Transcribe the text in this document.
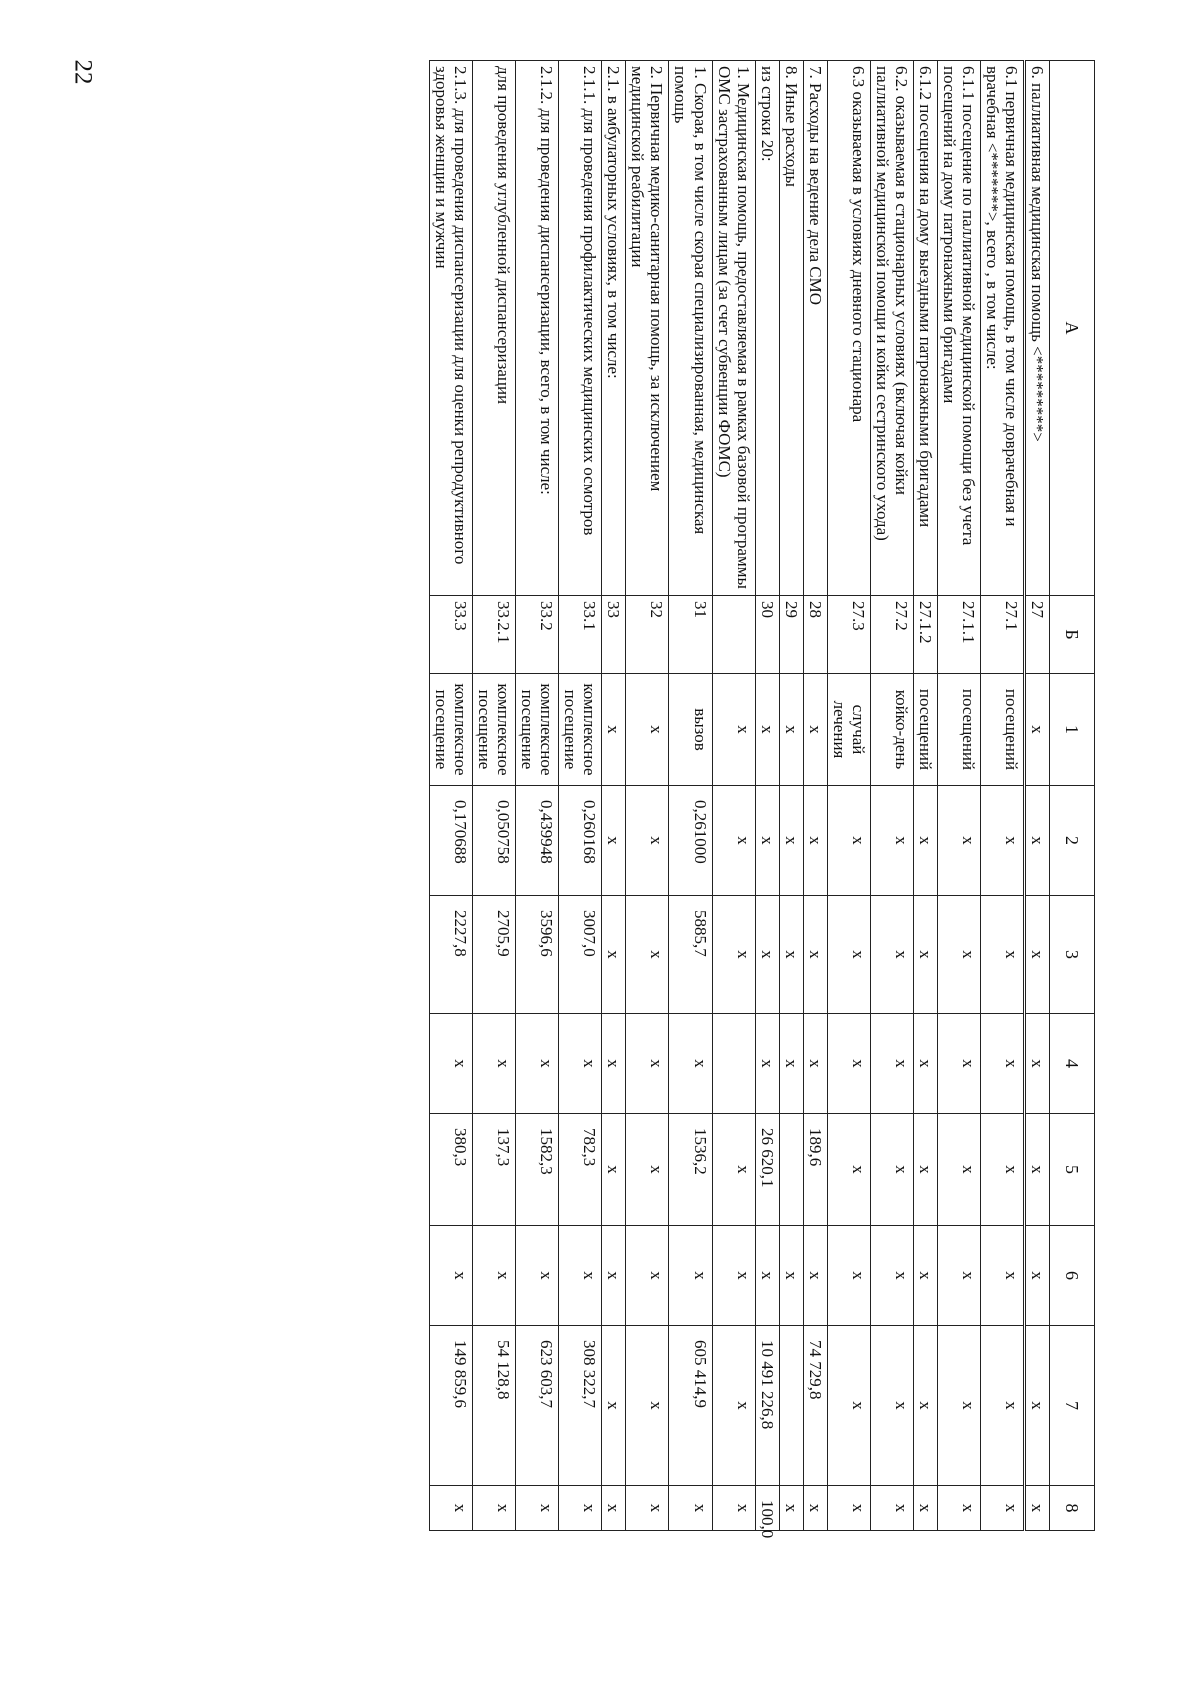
22
А	Б	1	2	3	4	5	6	7	8
6. паллиативная медицинская помощь <*********>	27	х	х	х	х	х	х	х	х
6.1 первичная медицинская помощь, в том числе доврачебная и врачебная <*******>, всего , в том числе:	27.1	посещений	х	х	х	х	х	х	х
6.1.1 посещение по паллиативной медицинской помощи без учета посещений на дому патронажными бригадами	27.1.1	посещений	х	х	х	х	х	х	х
6.1.2 посещения на дому выездными патронажными бригадами	27.1.2	посещений	х	х	х	х	х	х	х
6.2. оказываемая в стационарных условиях (включая койки паллиативной медицинской помощи и койки сестринского ухода)	27.2	койко-день	х	х	х	х	х	х	х
6.3 оказываемая в условиях дневного стационара	27.3	случай лечения	х	х	х	х	х	х	х
7. Расходы на ведение дела СМО	28	х	х	х	х	189,6	х	74 729,8	х
8. Иные расходы	29	х	х	х	х		х		х
из строки 20:	30	х	х	х	х	26 620,1	х	10 491 226,8	100,0
1. Медицинская помощь, предоставляемая в рамках базовой программы ОМС застрахованным лицам (за счет субвенции ФОМС)		х	х	х		х	х	х	х
1. Скорая, в том числе скорая специализированная, медицинская помощь	31	вызов	0,261000	5885,7	х	1536,2	х	605 414,9	х
2. Первичная медико-санитарная помощь, за исключением медицинской реабилитации	32	х	х	х	х	х	х	х	х
2.1. в амбулаторных условиях, в том числе:	33	х	х	х	х	х	х	х	х
2.1.1. для проведения профилактических медицинских осмотров	33.1	комплексное посещение	0,260168	3007,0	х	782,3	х	308 322,7	х
2.1.2. для проведения диспансеризации, всего, в том числе:	33.2	комплексное посещение	0,439948	3596,6	х	1582,3	х	623 603,7	х
для проведения углубленной диспансеризации	33.2.1	комплексное посещение	0,050758	2705,9	х	137,3	х	54 128,8	х
2.1.3. для проведения диспансеризации для оценки репродуктивного здоровья женщин и мужчин	33.3	комплексное посещение	0,170688	2227,8	х	380,3	х	149 859,6	х
